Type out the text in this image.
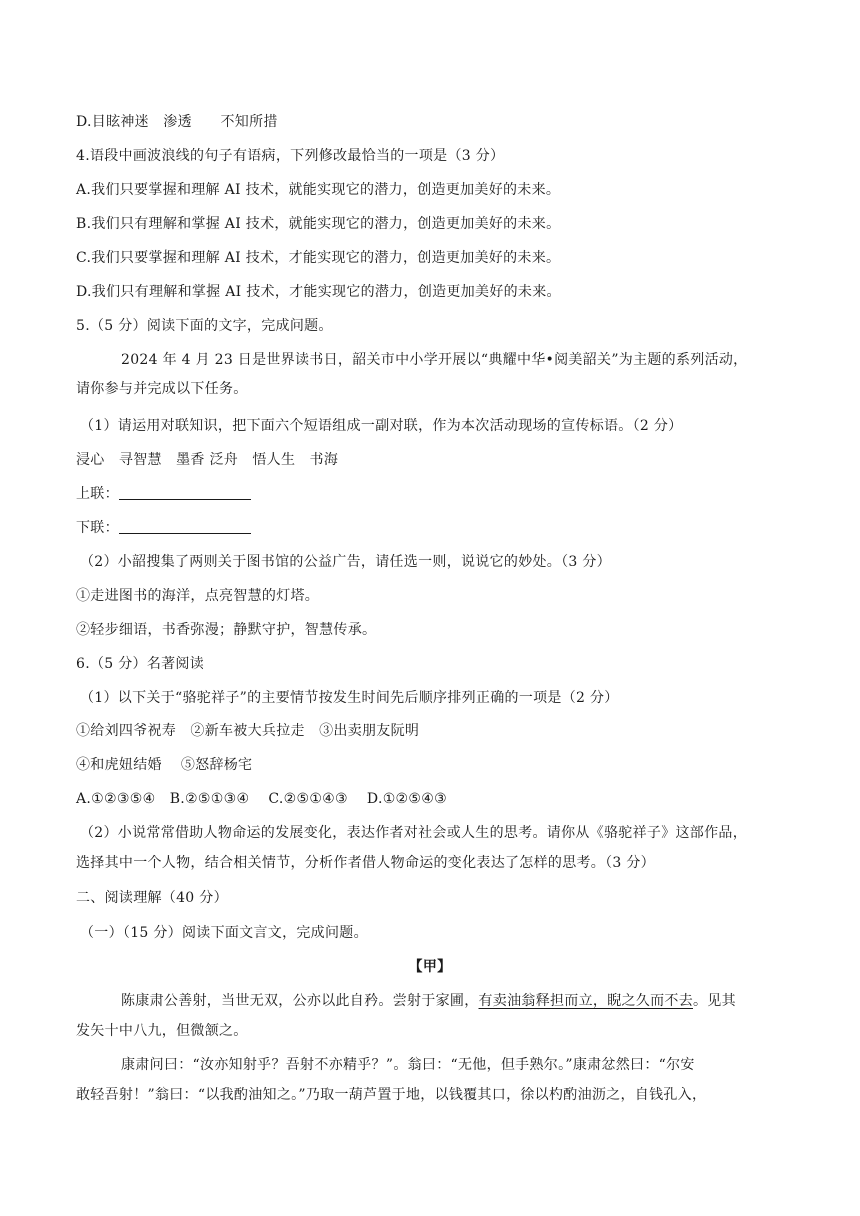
D.目眩神迷　渗透　　不知所措
4.语段中画波浪线的句子有语病，下列修改最恰当的一项是（3 分）
A.我们只要掌握和理解 AI 技术，就能实现它的潜力，创造更加美好的未来。
B.我们只有理解和掌握 AI 技术，就能实现它的潜力，创造更加美好的未来。
C.我们只要掌握和理解 AI 技术，才能实现它的潜力，创造更加美好的未来。
D.我们只有理解和掌握 AI 技术，才能实现它的潜力，创造更加美好的未来。
5.（5 分）阅读下面的文字，完成问题。
2024 年 4 月 23 日是世界读书日，韶关市中小学开展以“典耀中华•阅美韶关”为主题的系列活动，
请你参与并完成以下任务。
（1）请运用对联知识，把下面六个短语组成一副对联，作为本次活动现场的宣传标语。（2 分）
浸心　寻智慧　墨香 泛舟　悟人生　书海
上联：
下联：
（2）小韶搜集了两则关于图书馆的公益广告，请任选一则，说说它的妙处。（3 分）
①走进图书的海洋，点亮智慧的灯塔。
②轻步细语，书香弥漫；静默守护，智慧传承。
6.（5 分）名著阅读
（1）以下关于“骆驼祥子”的主要情节按发生时间先后顺序排列正确的一项是（2 分）
①给刘四爷祝寿　②新车被大兵拉走　③出卖朋友阮明
④和虎妞结婚　 ⑤怒辞杨宅
A.①②③⑤④　B.②⑤①③④　 C.②⑤①④③　 D.①②⑤④③
（2）小说常常借助人物命运的发展变化，表达作者对社会或人生的思考。请你从《骆驼祥子》这部作品，
选择其中一个人物，结合相关情节，分析作者借人物命运的变化表达了怎样的思考。（3 分）
二、阅读理解（40 分）
（一）（15 分）阅读下面文言文，完成问题。
【甲】
陈康肃公善射，当世无双，公亦以此自矜。尝射于家圃，有卖油翁释担而立，睨之久而不去。见其
发矢十中八九，但微颔之。
康肃问曰：“汝亦知射乎？吾射不亦精乎？”。翁曰：“无他，但手熟尔。”康肃忿然曰：“尔安
敢轻吾射！”翁曰：“以我酌油知之。”乃取一葫芦置于地，以钱覆其口，徐以杓酌油沥之，自钱孔入，
